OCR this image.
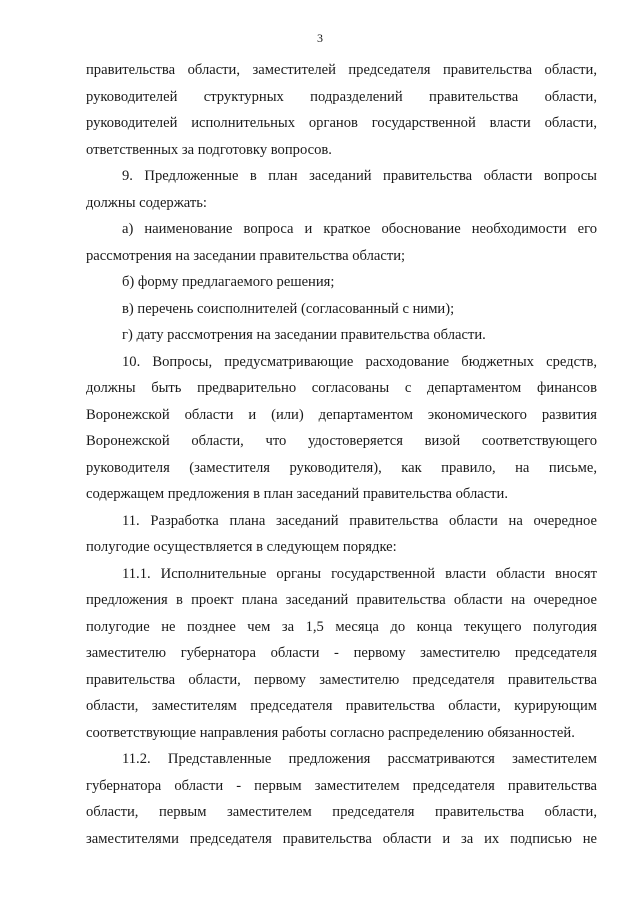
3
правительства области, заместителей председателя правительства области,
руководителей структурных подразделений правительства области,
руководителей исполнительных органов государственной власти области,
ответственных за подготовку вопросов.
9. Предложенные в план заседаний правительства области вопросы
должны содержать:
а) наименование вопроса и краткое обоснование необходимости его
рассмотрения на заседании правительства области;
б) форму предлагаемого решения;
в) перечень соисполнителей (согласованный с ними);
г) дату рассмотрения на заседании правительства области.
10. Вопросы, предусматривающие расходование бюджетных средств,
должны быть предварительно согласованы с департаментом финансов
Воронежской области и (или) департаментом экономического развития
Воронежской области, что удостоверяется визой соответствующего
руководителя (заместителя руководителя), как правило, на письме,
содержащем предложения в план заседаний правительства области.
11. Разработка плана заседаний правительства области на очередное
полугодие осуществляется в следующем порядке:
11.1. Исполнительные органы государственной власти области вносят
предложения в проект плана заседаний правительства области на очередное
полугодие не позднее чем за 1,5 месяца до конца текущего полугодия
заместителю губернатора области - первому заместителю председателя
правительства области, первому заместителю председателя правительства
области, заместителям председателя правительства области, курирующим
соответствующие направления работы согласно распределению обязанностей.
11.2. Представленные предложения рассматриваются заместителем
губернатора области - первым заместителем председателя правительства
области, первым заместителем председателя правительства области,
заместителями председателя правительства области и за их подписью не
